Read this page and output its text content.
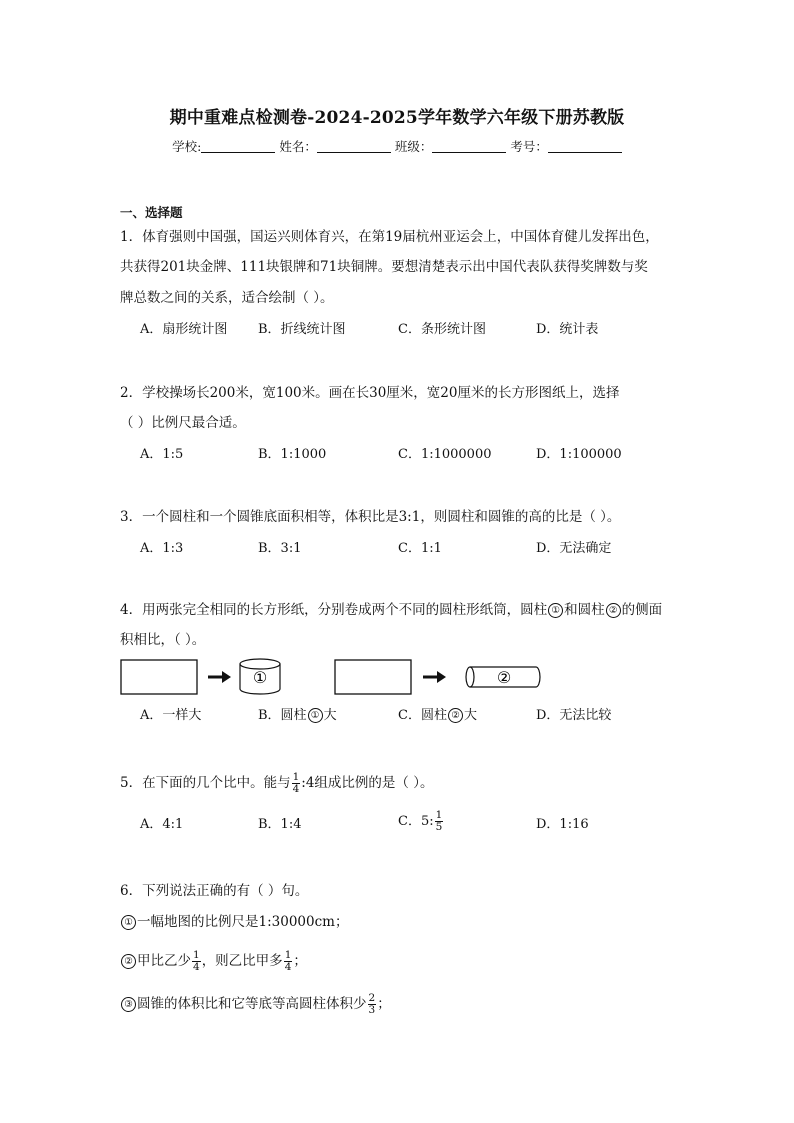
期中重难点检测卷-2024-2025学年数学六年级下册苏教版
学校:	姓名：	班级：	考号：
一、选择题
1．体育强则中国强，国运兴则体育兴，在第19届杭州亚运会上，中国体育健儿发挥出色，
共获得201块金牌、111块银牌和71块铜牌。要想清楚表示出中国代表队获得奖牌数与奖
牌总数之间的关系，适合绘制（ ）。
A．扇形统计图 B．折线统计图	C．条形统计图	D．统计表
2．学校操场长200米，宽100米。画在长30厘米，宽20厘米的长方形图纸上，选择
（ ）比例尺最合适。
A．1:5	B．1:1000	C．1:1000000	D．1:100000
3．一个圆柱和一个圆锥底面积相等，体积比是3:1，则圆柱和圆锥的高的比是（ ）。
A．1:3	B．3:1	C．1:1	D．无法确定
4．用两张完全相同的长方形纸，分别卷成两个不同的圆柱形纸筒，圆柱 ① 和圆柱 ② 的侧面
积相比，（ ）。
①	②
A．一样大	B．圆柱 ① 大	C．圆柱 ② 大	D．无法比较
5．在下面的几个比中。能与 $\frac{1}{4}$ :4组成比例的是（ ）。
A．4:1	B．1:4	C．5: $\frac{1}{5}$	D．1:16
6．下列说法正确的有（ ）句。
① 一幅地图的比例尺是1:30000cm；
② 甲比乙少 $\frac{1}{4}$ ，则乙比甲多 $\frac{1}{4}$ ；
③ 圆锥的体积比和它等底等高圆柱体积少 $\frac{2}{3}$ ；
